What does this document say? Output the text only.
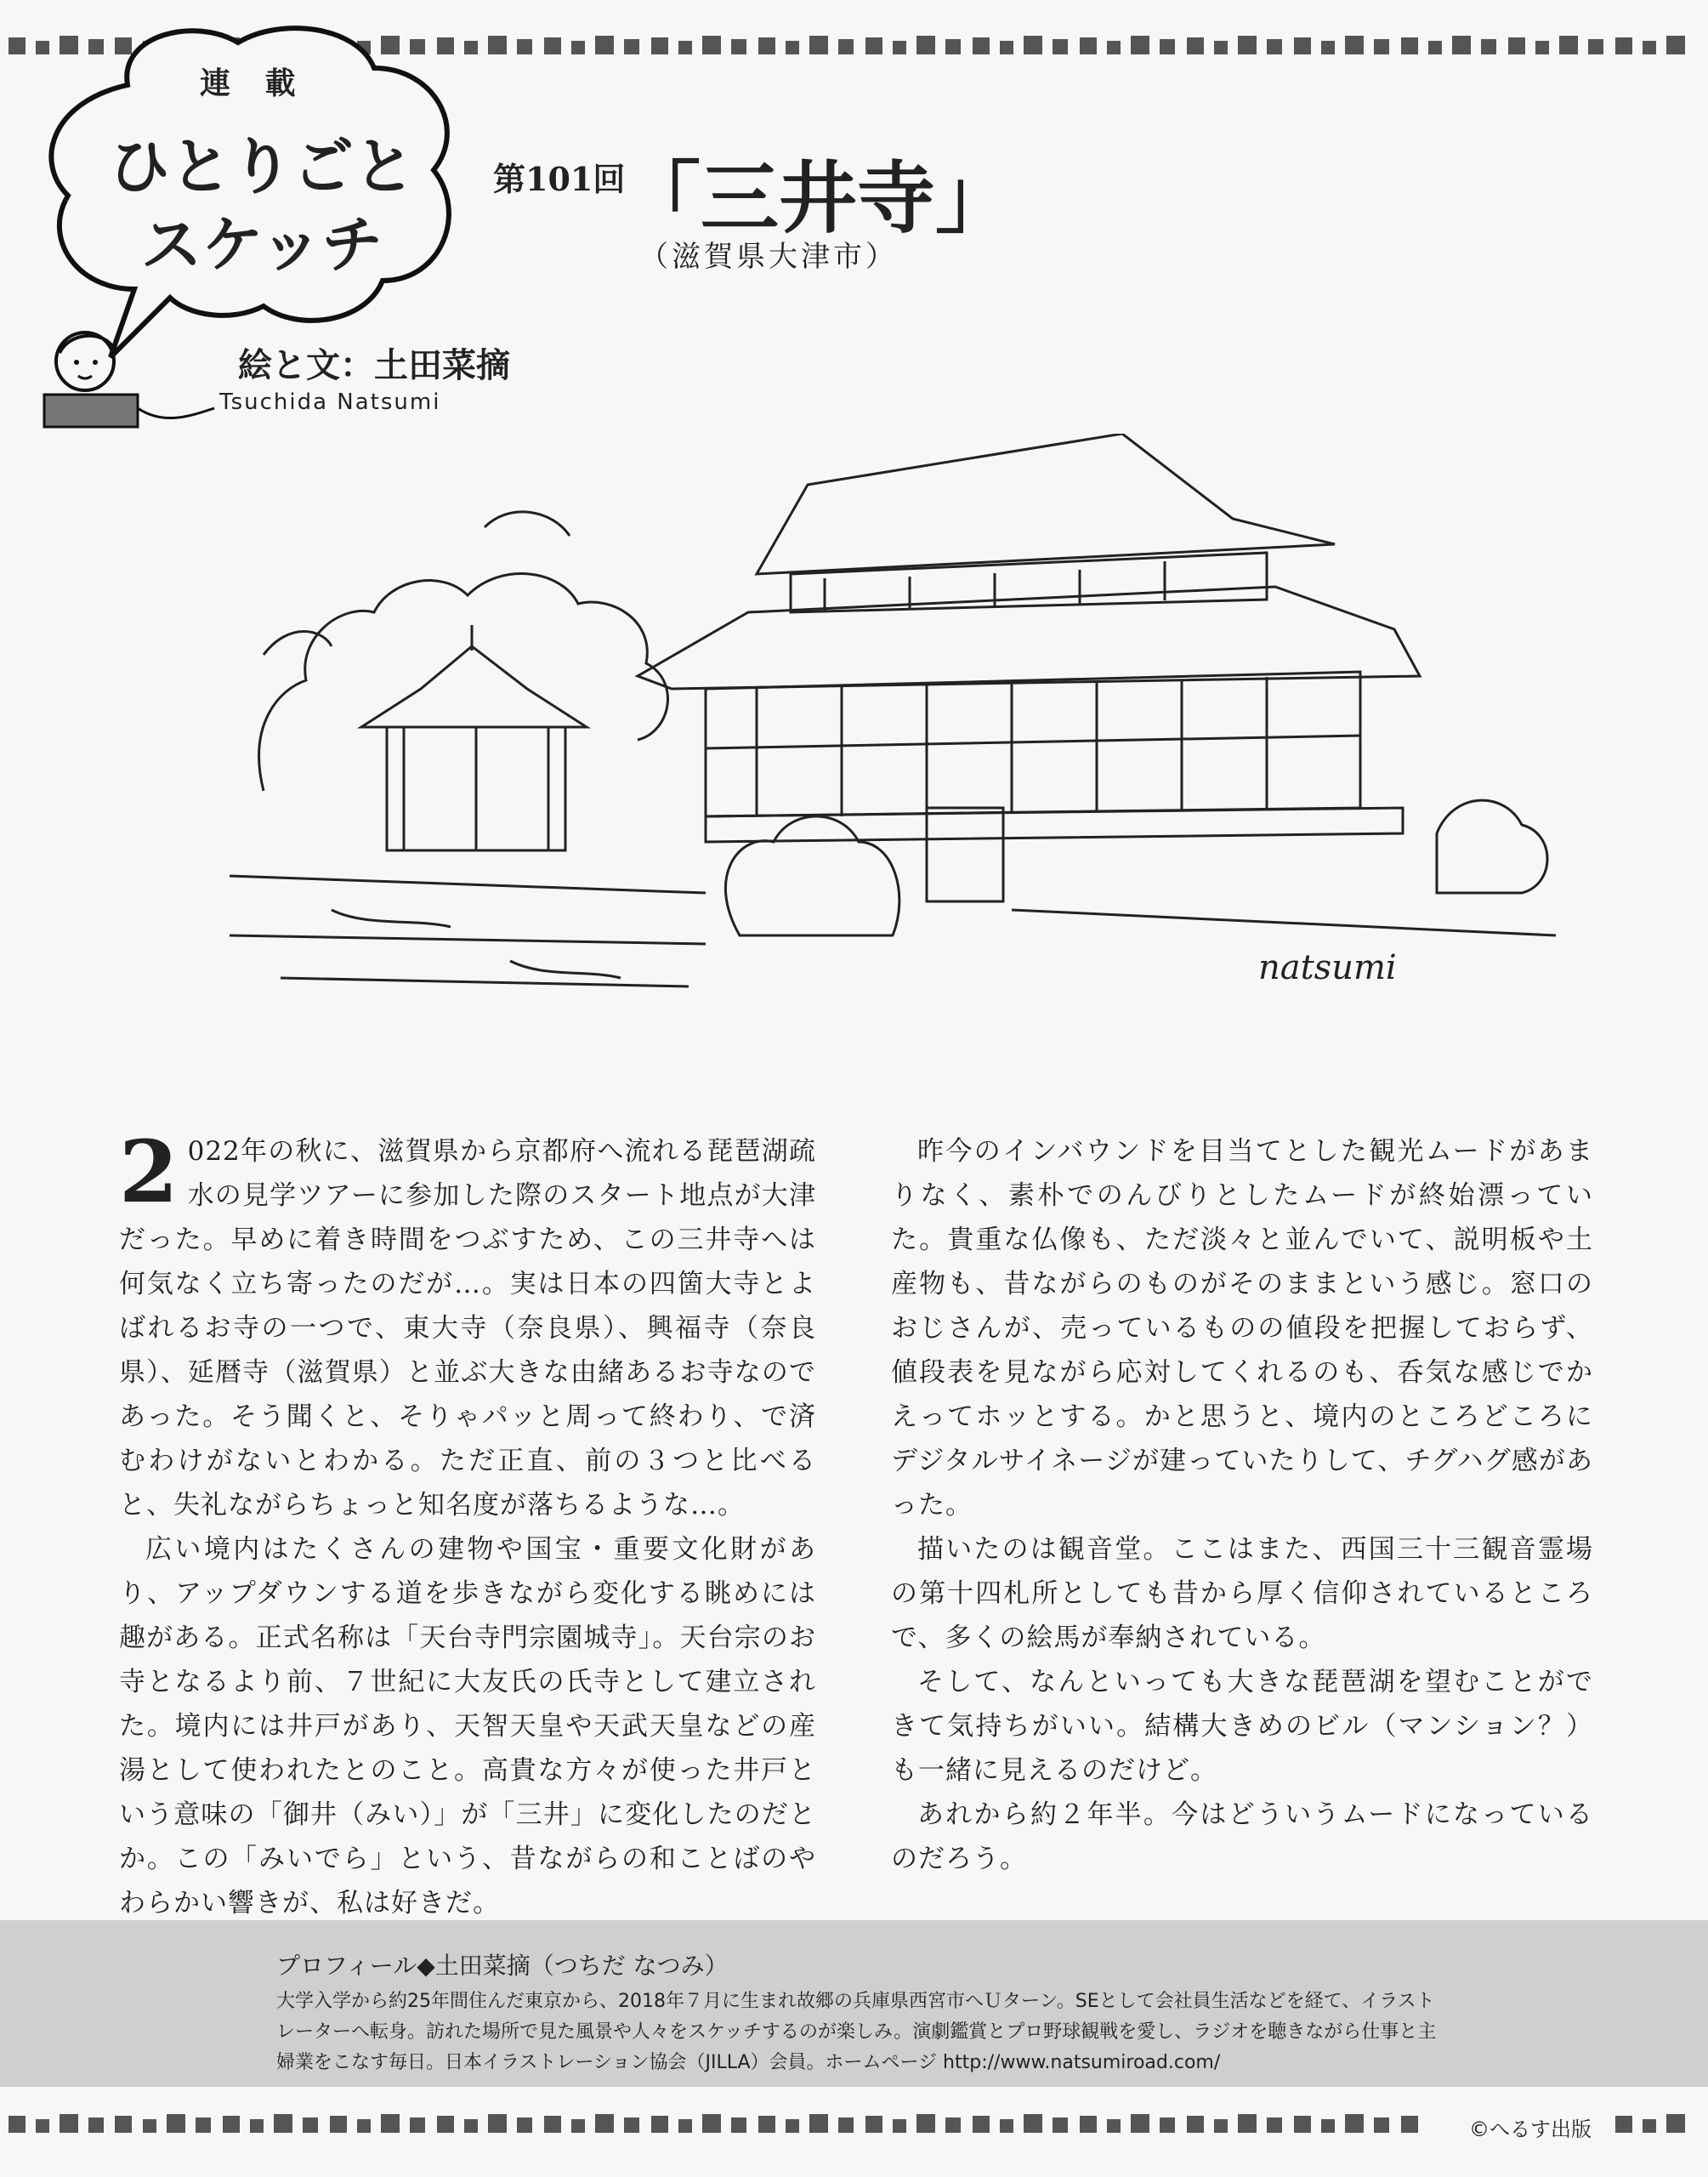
連 載
ひとりごとスケッチ
絵と文：土田菜摘
Tsuchida Natsumi
第101回
「三井寺」
（滋賀県大津市）
natsumi

2 022年の秋に、滋賀県から京都府へ流れる琵琶湖疏水の見学ツアーに参加した際のスタート地点が大津だった。早めに着き時間をつぶすため、この三井寺へは何気なく立ち寄ったのだが…。実は日本の四箇大寺とよばれるお寺の一つで、東大寺（奈良県）、興福寺（奈良県）、延暦寺（滋賀県）と並ぶ大きな由緒あるお寺なのであった。そう聞くと、そりゃパッと周って終わり、で済むわけがないとわかる。ただ正直、前の３つと比べると、失礼ながらちょっと知名度が落ちるような…。

広い境内はたくさんの建物や国宝・重要文化財があり、アップダウンする道を歩きながら変化する眺めには趣がある。正式名称は「天台寺門宗園城寺」。天台宗のお寺となるより前、７世紀に大友氏の氏寺として建立された。境内には井戸があり、天智天皇や天武天皇などの産湯として使われたとのこと。高貴な方々が使った井戸という意味の「御井（みい）」が「三井」に変化したのだとか。この「みいでら」という、昔ながらの和ことばのやわらかい響きが、私は好きだ。

昨今のインバウンドを目当てとした観光ムードがあまりなく、素朴でのんびりとしたムードが終始漂っていた。貴重な仏像も、ただ淡々と並んでいて、説明板や土産物も、昔ながらのものがそのままという感じ。窓口のおじさんが、売っているものの値段を把握しておらず、値段表を見ながら応対してくれるのも、呑気な感じでかえってホッとする。かと思うと、境内のところどころにデジタルサイネージが建っていたりして、チグハグ感があった。

描いたのは観音堂。ここはまた、西国三十三観音霊場の第十四札所としても昔から厚く信仰されているところで、多くの絵馬が奉納されている。

そして、なんといっても大きな琵琶湖を望むことができて気持ちがいい。結構大きめのビル（マンション？）も一緒に見えるのだけど。

あれから約２年半。今はどういうムードになっているのだろう。

プロフィール◆土田菜摘（つちだ なつみ）
大学入学から約25年間住んだ東京から、2018年７月に生まれ故郷の兵庫県西宮市へＵターン。SEとして会社員生活などを経て、イラストレーターへ転身。訪れた場所で見た風景や人々をスケッチするのが楽しみ。演劇鑑賞とプロ野球観戦を愛し、ラジオを聴きながら仕事と主婦業をこなす毎日。日本イラストレーション協会（JILLA）会員。ホームページ http://www.natsumiroad.com/
©へるす出版
